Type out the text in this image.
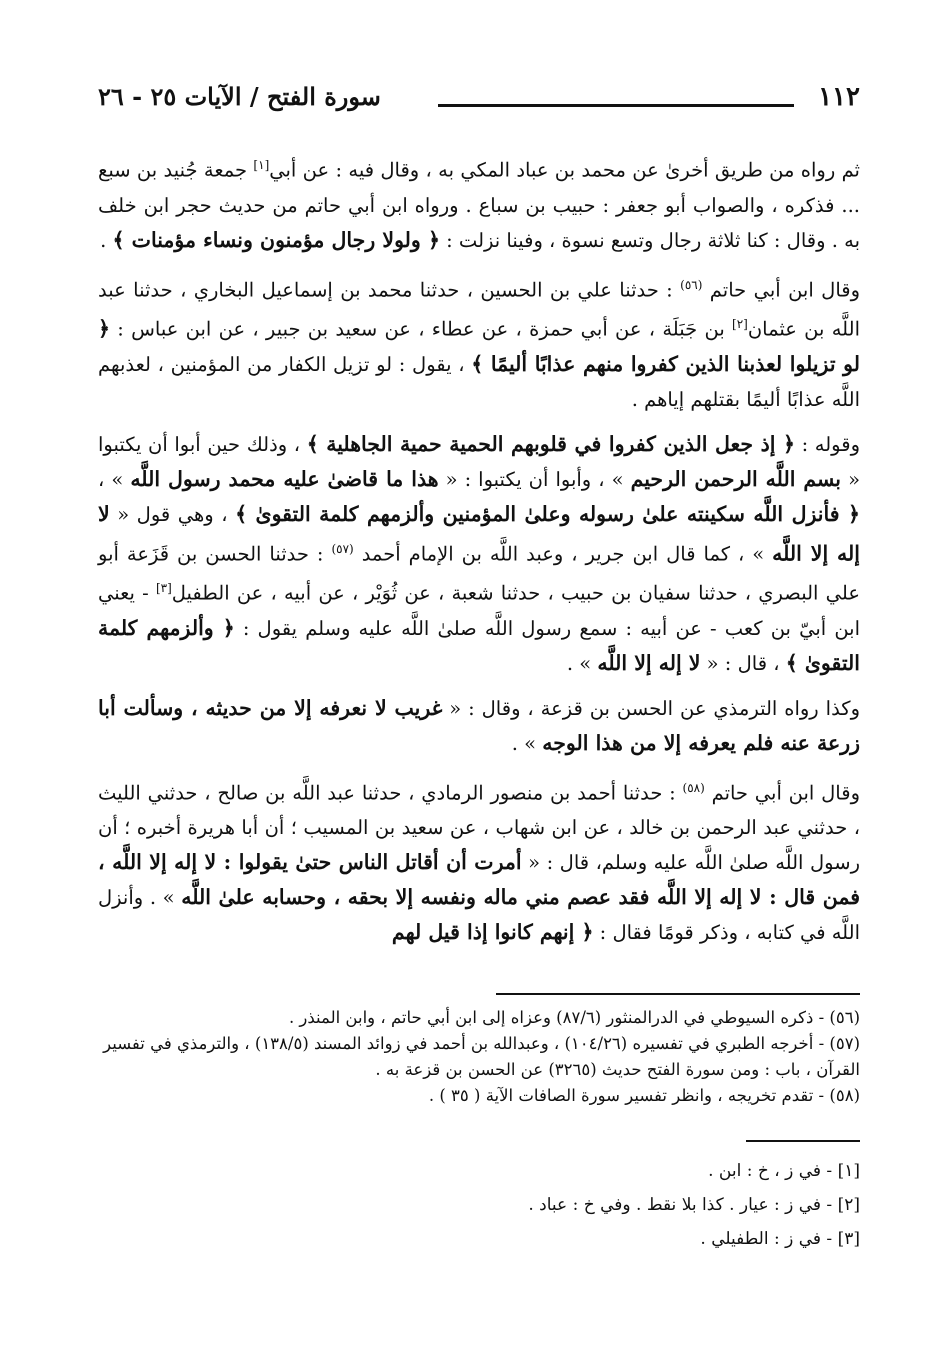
١١٢
سورة الفتح / الآيات ٢٥ - ٢٦

ثم رواه من طريق أخرىٰ عن محمد بن عباد المكي به ، وقال فيه : عن أبي[١] جمعة جُنيد بن سبع ... فذكره ، والصواب أبو جعفر : حبيب بن سباع . ورواه ابن أبي حاتم من حديث حجر ابن خلف به . وقال : كنا ثلاثة رجال وتسع نسوة ، وفينا نزلت : ﴿ ولولا رجال مؤمنون ونساء مؤمنات ﴾ .

وقال ابن أبي حاتم $^{(٥٦)}$ : حدثنا علي بن الحسين ، حدثنا محمد بن إسماعيل البخاري ، حدثنا عبد اللَّه بن عثمان[٢] بن جَبَلَة ، عن أبي حمزة ، عن عطاء ، عن سعيد بن جبير ، عن ابن عباس : ﴿ لو تزيلوا لعذبنا الذين كفروا منهم عذابًا أليمًا ﴾ ، يقول : لو تزيل الكفار من المؤمنين ، لعذبهم اللَّه عذابًا أليمًا بقتلهم إياهم .

وقوله : ﴿ إذ جعل الذين كفروا في قلوبهم الحمية حمية الجاهلية ﴾ ، وذلك حين أبوا أن يكتبوا « بسم اللَّه الرحمن الرحيم » ، وأبوا أن يكتبوا : « هذا ما قاضىٰ عليه محمد رسول اللَّه » ، ﴿ فأنزل اللَّه سكينته علىٰ رسوله وعلىٰ المؤمنين وألزمهم كلمة التقوىٰ ﴾ ، وهي قول « لا إله إلا اللَّه » ، كما قال ابن جرير ، وعبد اللَّه بن الإمام أحمد $^{(٥٧)}$ : حدثنا الحسن بن قَزَعة أبو علي البصري ، حدثنا سفيان بن حبيب ، حدثنا شعبة ، عن ثُوَيْر ، عن أبيه ، عن الطفيل[٣] - يعني ابن أبيّ بن كعب - عن أبيه : سمع رسول اللَّه صلىٰ اللَّه عليه وسلم يقول : ﴿ وألزمهم كلمة التقوىٰ ﴾ ، قال : « لا إله إلا اللَّه » .

وكذا رواه الترمذي عن الحسن بن قزعة ، وقال : « غريب لا نعرفه إلا من حديثه ، وسألت أبا زرعة عنه فلم يعرفه إلا من هذا الوجه » .

وقال ابن أبي حاتم $^{(٥٨)}$ : حدثنا أحمد بن منصور الرمادي ، حدثنا عبد اللَّه بن صالح ، حدثني الليث ، حدثني عبد الرحمن بن خالد ، عن ابن شهاب ، عن سعيد بن المسيب ؛ أن أبا هريرة أخبره ؛ أن رسول اللَّه صلىٰ اللَّه عليه وسلم، قال : « أمرت أن أقاتل الناس حتىٰ يقولوا : لا إله إلا اللَّه ، فمن قال : لا إله إلا اللَّه فقد عصم مني ماله ونفسه إلا بحقه ، وحسابه علىٰ اللَّه » . وأنزل اللَّه في كتابه ، وذكر قومًا فقال : ﴿ إنهم كانوا إذا قيل لهم

(٥٦) - ذكره السيوطي في الدرالمنثور (٨٧/٦) وعزاه إلى ابن أبي حاتم ، وابن المنذر .

(٥٧) - أخرجه الطبري في تفسيره (١٠٤/٢٦) ، وعبدالله بن أحمد في زوائد المسند (١٣٨/٥) ، والترمذي في تفسير القرآن ، باب : ومن سورة الفتح حديث (٣٢٦٥) عن الحسن بن قزعة به .

(٥٨) - تقدم تخريجه ، وانظر تفسير سورة الصافات الآية ( ٣٥ ) .

[١] - في ز ، خ : ابن .

[٢] - في ز : عيار . كذا بلا نقط . وفي خ : عباد .

[٣] - في ز : الطفيلي .
